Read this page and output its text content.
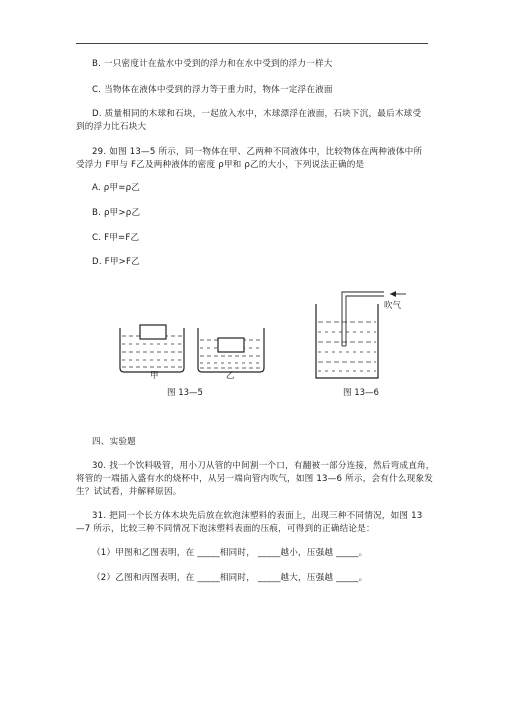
B. 一只密度计在盐水中受到的浮力和在水中受到的浮力一样大
C. 当物体在液体中受到的浮力等于重力时，物体一定浮在液面
D. 质量相同的木球和石块，一起放入水中，木球漂浮在液面，石块下沉，最后木球受
到的浮力比石块大
29. 如图 13—5 所示，同一物体在甲、乙两种不同液体中，比较物体在两种液体中所
受浮力 F甲与 F乙及两种液体的密度 ρ甲和 ρ乙的大小，下列说法正确的是
A. ρ甲=ρ乙
B. ρ甲>ρ乙
C. F甲=F乙
D. F甲>F乙
甲	乙
图 13—5
吹气
图 13—6
四、实验题
30. 找一个饮料吸管，用小刀从管的中间割一个口，有翻被一部分连接，然后弯成直角，
将管的一端插入盛有水的烧杯中，从另一端向管内吹气，如图 13—6 所示，会有什么现象发
生？试试看，并解释原因。
31. 把同一个长方体木块先后放在软泡沫塑料的表面上，出现三种不同情况，如图 13
—7 所示，比较三种不同情况下泡沫塑料表面的压痕，可得到的正确结论是：
（1）甲图和乙图表明，在 _____相同时， _____越小，压强越 _____。
（2）乙图和丙图表明，在 _____相同时， _____越大，压强越 _____。
